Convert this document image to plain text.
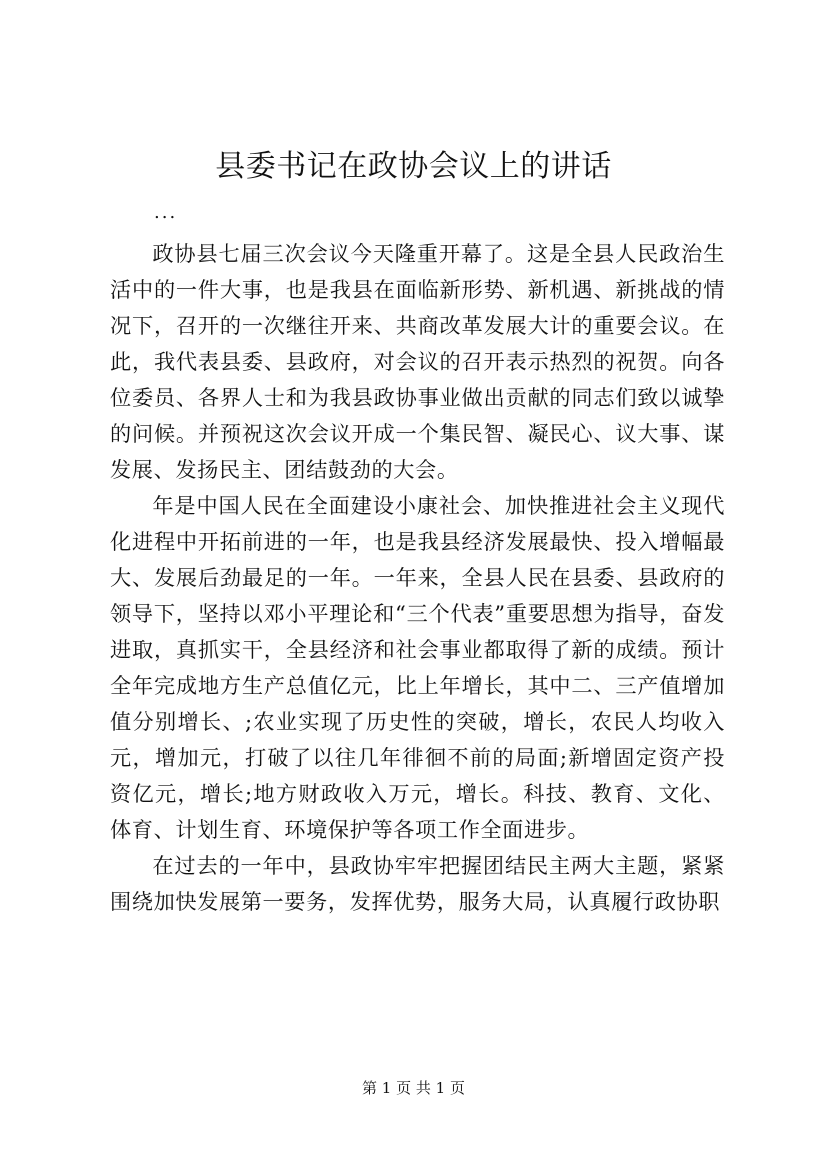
县委书记在政协会议上的讲话
...

政协县七届三次会议今天隆重开幕了。这是全县人民政治生活中的一件大事，也是我县在面临新形势、新机遇、新挑战的情况下，召开的一次继往开来、共商改革发展大计的重要会议。在此，我代表县委、县政府，对会议的召开表示热烈的祝贺。向各位委员、各界人士和为我县政协事业做出贡献的同志们致以诚挚的问候。并预祝这次会议开成一个集民智、凝民心、议大事、谋发展、发扬民主、团结鼓劲的大会。

年是中国人民在全面建设小康社会、加快推进社会主义现代化进程中开拓前进的一年，也是我县经济发展最快、投入增幅最大、发展后劲最足的一年。一年来，全县人民在县委、县政府的领导下，坚持以邓小平理论和“三个代表”重要思想为指导，奋发进取，真抓实干，全县经济和社会事业都取得了新的成绩。预计全年完成地方生产总值亿元，比上年增长，其中二、三产值增加值分别增长、;农业实现了历史性的突破，增长，农民人均收入元，增加元，打破了以往几年徘徊不前的局面;新增固定资产投资亿元，增长;地方财政收入万元，增长。科技、教育、文化、体育、计划生育、环境保护等各项工作全面进步。

在过去的一年中，县政协牢牢把握团结民主两大主题，紧紧围绕加快发展第一要务，发挥优势，服务大局，认真履行政协职

第 1 页 共 1 页
